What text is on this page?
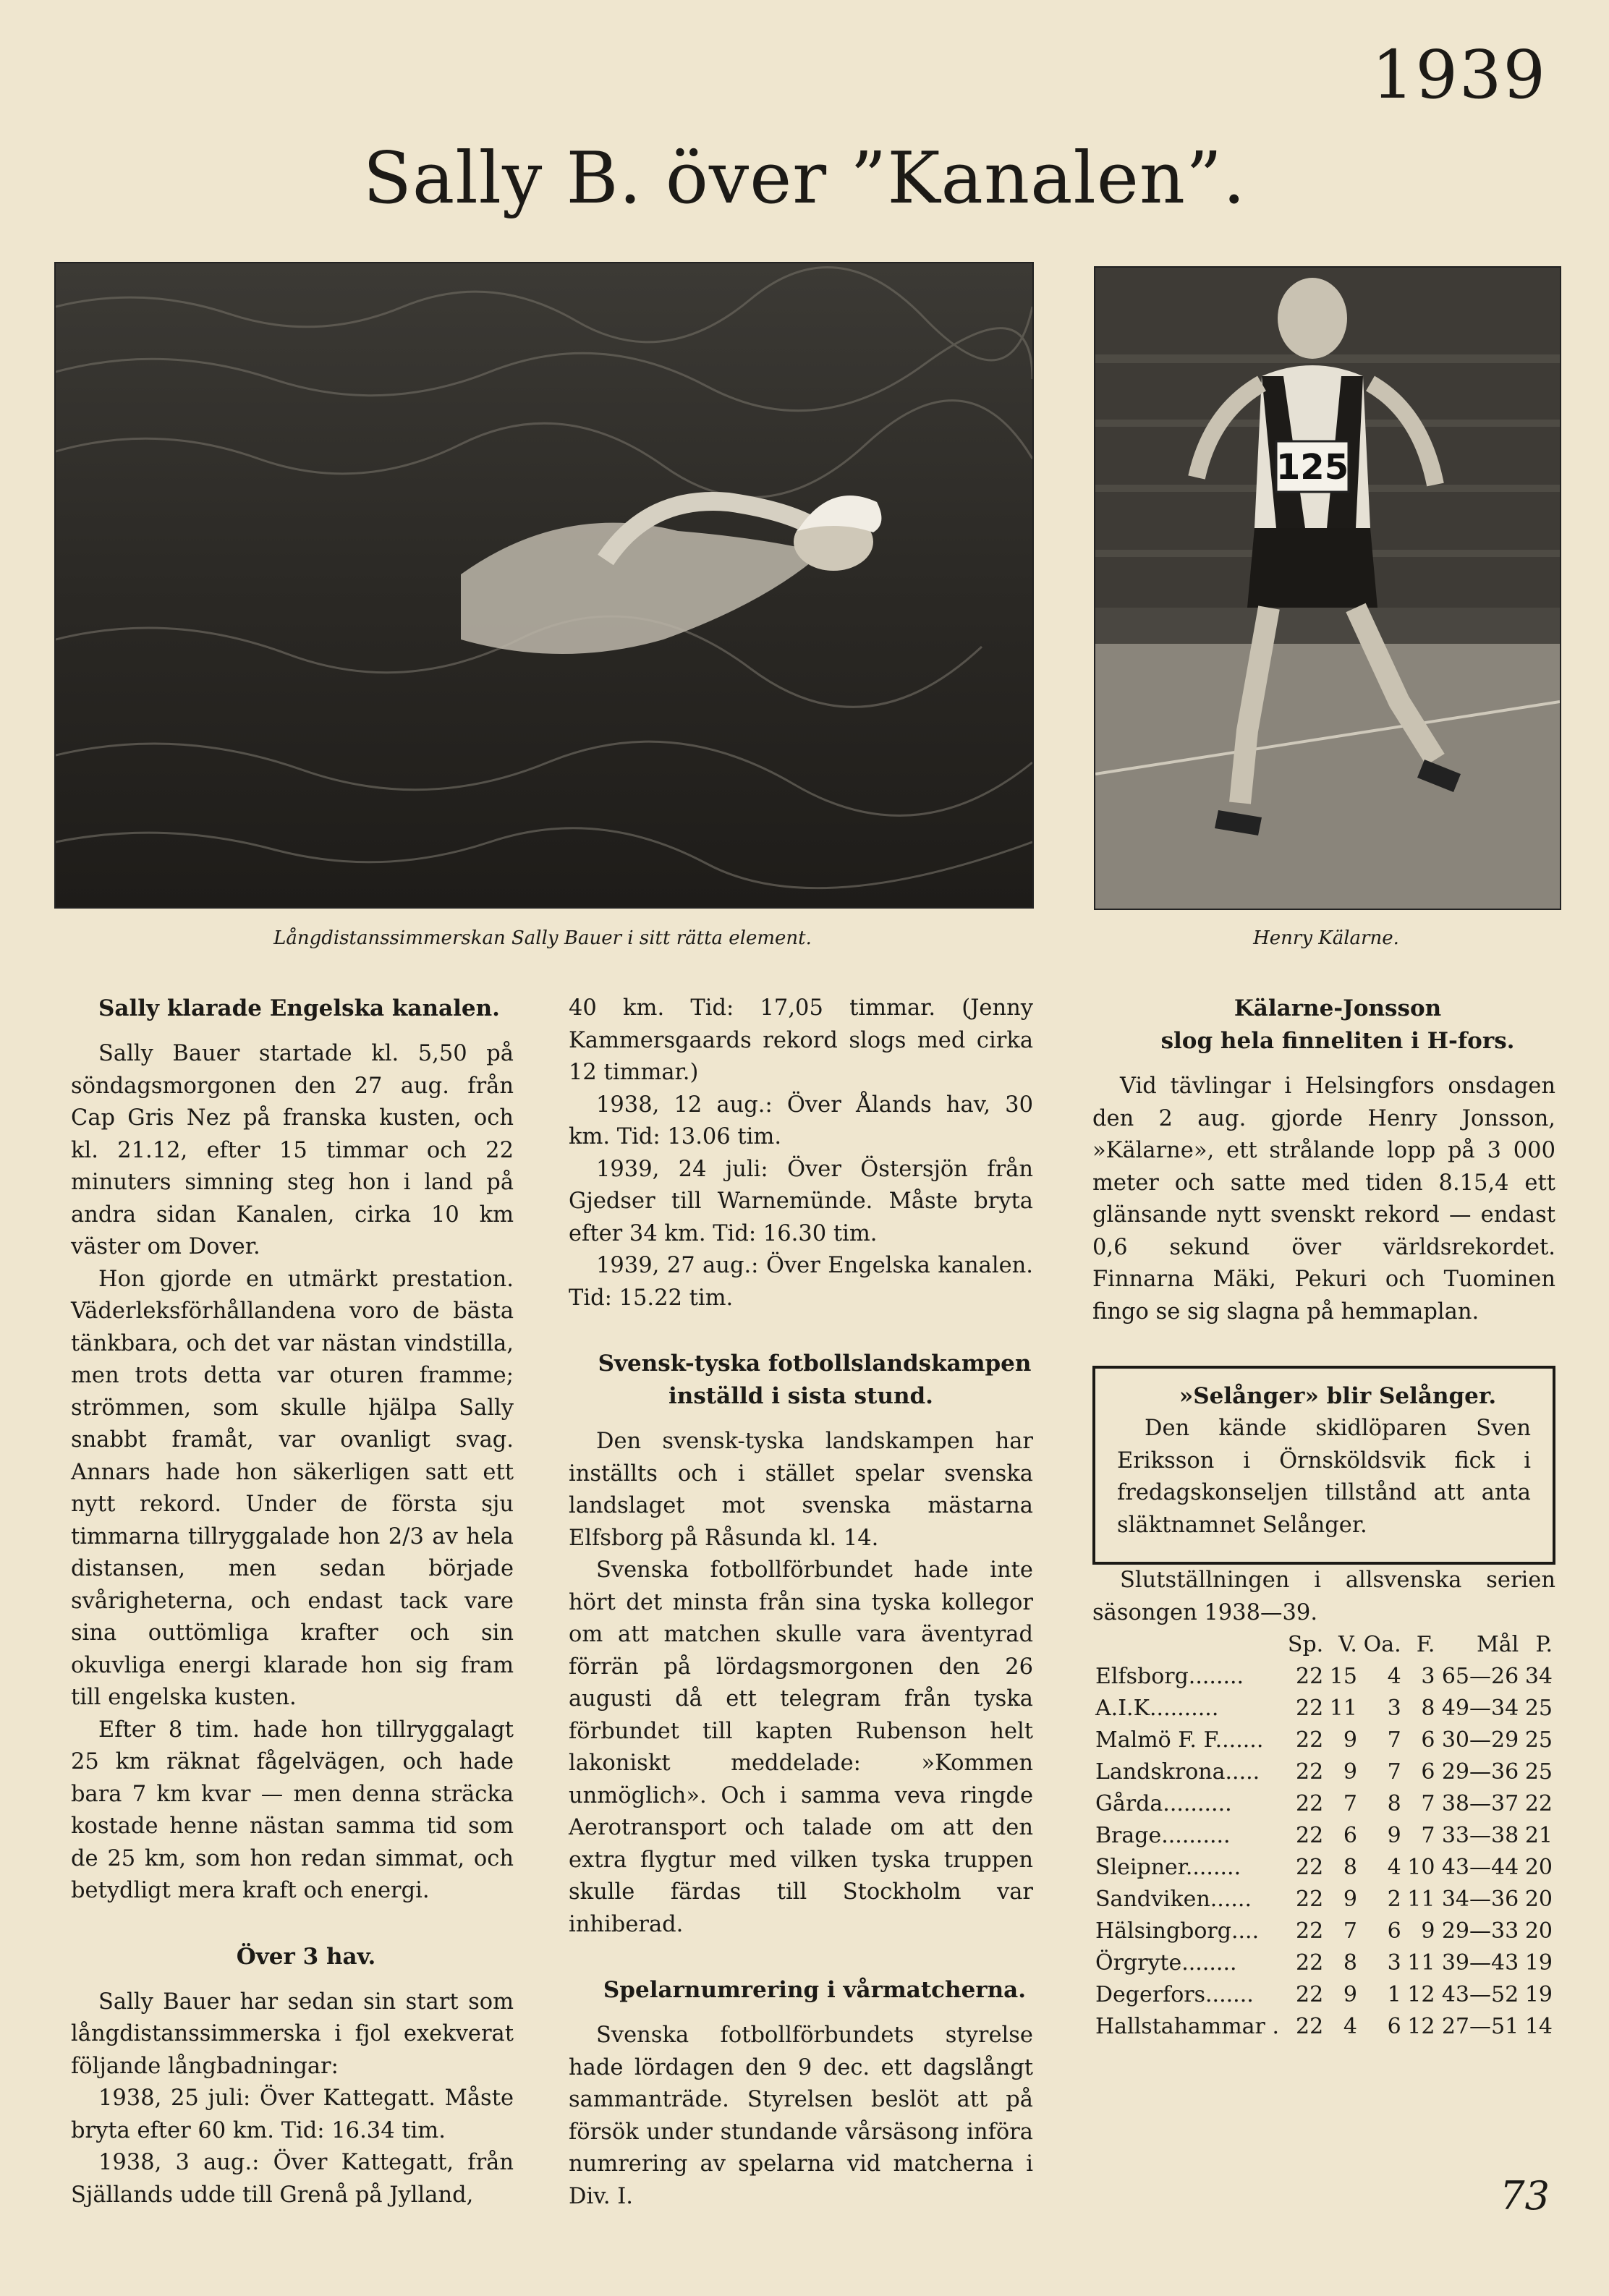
1939
Sally B. över ”Kanalen”.
125
Långdistanssimmerskan Sally Bauer i sitt rätta element.	Henry Kälarne.

Sally klarade Engelska kanalen.

Sally Bauer startade kl. 5,50 på söndagsmorgonen den 27 aug. från Cap Gris Nez på franska kusten, och kl. 21.12, efter 15 timmar och 22 minuters simning steg hon i land på andra sidan Kanalen, cirka 10 km väster om Dover.

Hon gjorde en utmärkt prestation. Väderleksförhållandena voro de bästa tänkbara, och det var nästan vindstilla, men trots detta var oturen framme; strömmen, som skulle hjälpa Sally snabbt framåt, var ovanligt svag. Annars hade hon säkerligen satt ett nytt rekord. Under de första sju timmarna tillryggalade hon 2/3 av hela distansen, men sedan började svårigheterna, och endast tack vare sina outtömliga krafter och sin okuvliga energi klarade hon sig fram till engelska kusten.

Efter 8 tim. hade hon tillryggalagt 25 km räknat fågelvägen, och hade bara 7 km kvar — men denna sträcka kostade henne nästan samma tid som de 25 km, som hon redan simmat, och betydligt mera kraft och energi.

Över 3 hav.

Sally Bauer har sedan sin start som långdistanssimmerska i fjol exekverat följande långbadningar:

1938, 25 juli: Över Kattegatt. Måste bryta efter 60 km. Tid: 16.34 tim.

1938, 3 aug.: Över Kattegatt, från Själlands udde till Grenå på Jylland,

40 km. Tid: 17,05 timmar. (Jenny Kammersgaards rekord slogs med cirka 12 timmar.)

1938, 12 aug.: Över Ålands hav, 30 km. Tid: 13.06 tim.

1939, 24 juli: Över Östersjön från Gjedser till Warnemünde. Måste bryta efter 34 km. Tid: 16.30 tim.

1939, 27 aug.: Över Engelska kanalen. Tid: 15.22 tim.

Svensk-tyska fotbollslandskampen inställd i sista stund.

Den svensk-tyska landskampen har inställts och i stället spelar svenska landslaget mot svenska mästarna Elfsborg på Råsunda kl. 14.

Svenska fotbollförbundet hade inte hört det minsta från sina tyska kollegor om att matchen skulle vara äventyrad förrän på lördagsmorgonen den 26 augusti då ett telegram från tyska förbundet till kapten Rubenson helt lakoniskt meddelade: »Kommen unmöglich». Och i samma veva ringde Aerotransport och talade om att den extra flygtur med vilken tyska truppen skulle färdas till Stockholm var inhiberad.

Spelarnumrering i vårmatcherna.

Svenska fotbollförbundets styrelse hade lördagen den 9 dec. ett dagslångt sammanträde. Styrelsen beslöt att på försök under stundande vårsäsong införa numrering av spelarna vid matcherna i Div. I.

Kälarne-Jonsson

slog hela finneliten i H-fors.

Vid tävlingar i Helsingfors onsdagen den 2 aug. gjorde Henry Jonsson, »Kälarne», ett strålande lopp på 3 000 meter och satte med tiden 8.15,4 ett glänsande nytt svenskt rekord — endast 0,6 sekund över världsrekordet. Finnarna Mäki, Pekuri och Tuominen fingo se sig slagna på hemmaplan.

»Selånger» blir Selånger.

Den kände skidlöparen Sven Eriksson i Örnsköldsvik fick i fredagskonseljen tillstånd att anta släktnamnet Selånger.

Slutställningen i allsvenska serien säsongen 1938—39.

	Sp.	V.	Oa.	F.	Mål	P.
Elfsborg........	22	15	4	3	65—26	34
A.I.K..........	22	11	3	8	49—34	25
Malmö F. F.......	22	9	7	6	30—29	25
Landskrona.....	22	9	7	6	29—36	25
Gårda..........	22	7	8	7	38—37	22
Brage..........	22	6	9	7	33—38	21
Sleipner........	22	8	4	10	43—44	20
Sandviken......	22	9	2	11	34—36	20
Hälsingborg....	22	7	6	9	29—33	20
Örgryte........	22	8	3	11	39—43	19
Degerfors.......	22	9	1	12	43—52	19
Hallstahammar .	22	4	6	12	27—51	14
73
